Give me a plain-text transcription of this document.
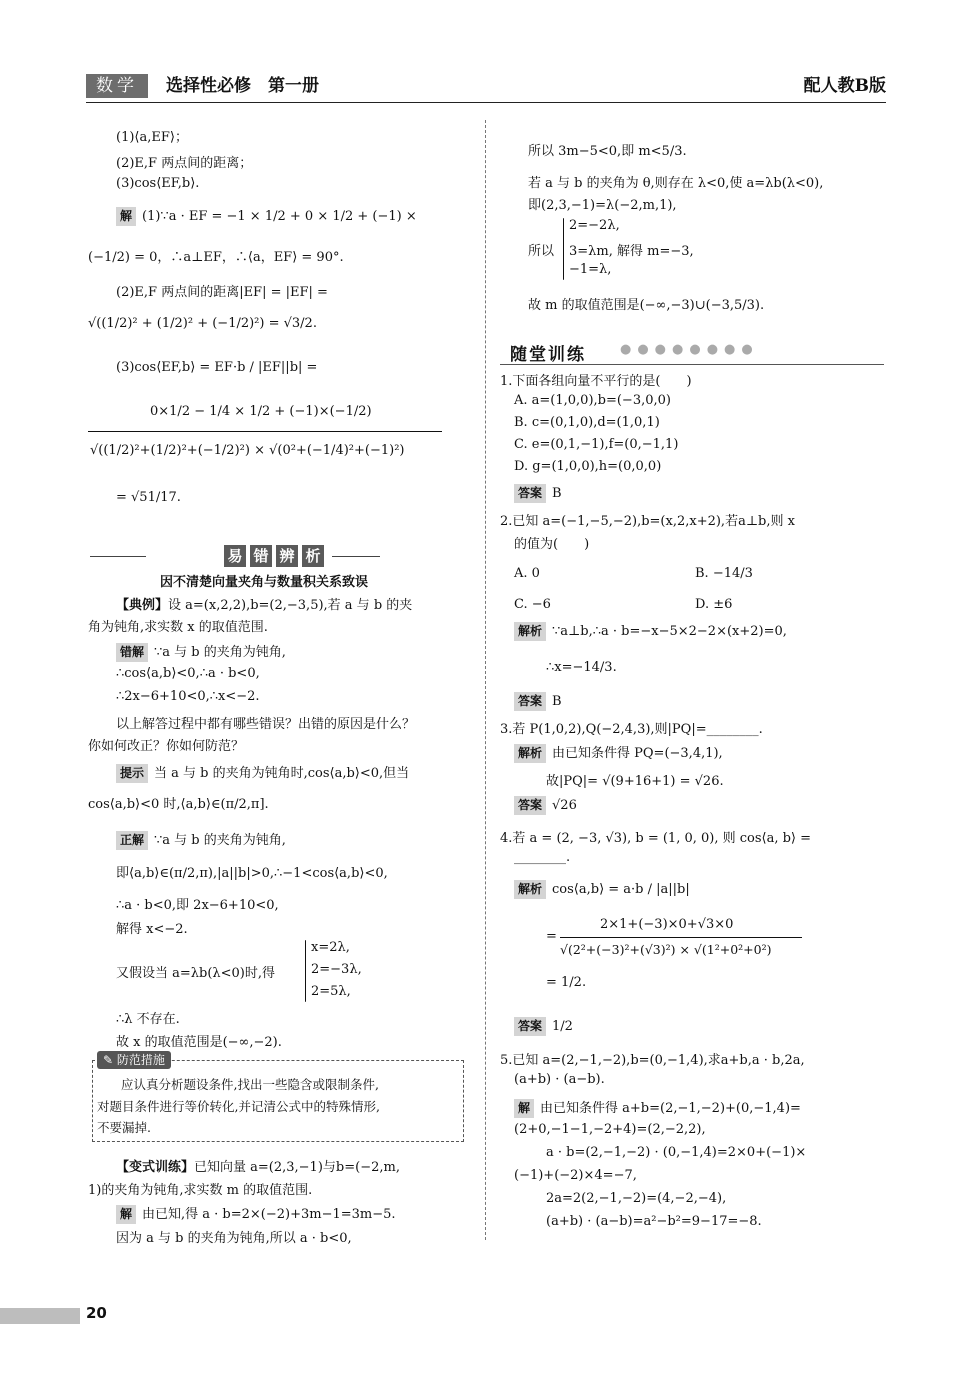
数学	选择性必修　第一册	配人教B版
(1)⟨a,EF⟩；
(2)E,F 两点间的距离；
(3)cos⟨EF,b⟩.
解 (1)∵a · EF = −1 × 1/2 + 0 × 1/2 + (−1) ×
(−1/2) = 0，∴a⊥EF，∴⟨a，EF⟩ = 90°.
(2)E,F 两点间的距离|EF| = |EF| =
√((1/2)² + (1/2)² + (−1/2)²) = √3/2.
(3)cos⟨EF,b⟩ = EF·b / |EF||b| =
0×1/2 − 1/4 × 1/2 + (−1)×(−1/2)
√((1/2)²+(1/2)²+(−1/2)²) × √(0²+(−1/4)²+(−1)²)
= √51/17.
易 错 辨 析
因不清楚向量夹角与数量积关系致误
【典例】设 a=(x,2,2),b=(2,−3,5),若 a 与 b 的夹
角为钝角,求实数 x 的取值范围.
错解 ∵a 与 b 的夹角为钝角,
∴cos⟨a,b⟩<0,∴a · b<0,
∴2x−6+10<0,∴x<−2.
以上解答过程中都有哪些错误？出错的原因是什么？
你如何改正？你如何防范？
提示 当 a 与 b 的夹角为钝角时,cos⟨a,b⟩<0,但当
cos⟨a,b⟩<0 时,⟨a,b⟩∈(π/2,π].
正解 ∵a 与 b 的夹角为钝角,
即⟨a,b⟩∈(π/2,π),|a||b|>0,∴−1<cos⟨a,b⟩<0,
∴a · b<0,即 2x−6+10<0,
解得 x<−2.
又假设当 a=λb(λ<0)时,得
x=2λ,
2=−3λ,
2=5λ,
∴λ 不存在.
故 x 的取值范围是(−∞,−2).
✎ 防范措施
应认真分析题设条件,找出一些隐含或限制条件,
对题目条件进行等价转化,并记清公式中的特殊情形,
不要漏掉.
【变式训练】已知向量 a=(2,3,−1)与b=(−2,m,
1)的夹角为钝角,求实数 m 的取值范围.
解 由已知,得 a · b=2×(−2)+3m−1=3m−5.
因为 a 与 b 的夹角为钝角,所以 a · b<0,
所以 3m−5<0,即 m<5/3.
若 a 与 b 的夹角为 θ,则存在 λ<0,使 a=λb(λ<0),
即(2,3,−1)=λ(−2,m,1),
所以
2=−2λ,
3=λm, 解得 m=−3,
−1=λ,
故 m 的取值范围是(−∞,−3)∪(−3,5/3).
随堂训练	●●●●●●●●
1.下面各组向量不平行的是(　　)
A. a=(1,0,0),b=(−3,0,0)
B. c=(0,1,0),d=(1,0,1)
C. e=(0,1,−1),f=(0,−1,1)
D. g=(1,0,0),h=(0,0,0)
答案 B
2.已知 a=(−1,−5,−2),b=(x,2,x+2),若a⊥b,则 x
的值为(　　)
A. 0	B. −14/3
C. −6	D. ±6
解析 ∵a⊥b,∴a · b=−x−5×2−2×(x+2)=0,
∴x=−14/3.
答案 B
3.若 P(1,0,2),Q(−2,4,3),则|PQ|=________.
解析 由已知条件得 PQ=(−3,4,1),
故|PQ|= √(9+16+1) = √26.
答案 √26
4.若 a = (2, −3, √3), b = (1, 0, 0), 则 cos⟨a, b⟩ =
________.
解析 cos⟨a,b⟩ = a·b / |a||b|
2×1+(−3)×0+√3×0
=
√(2²+(−3)²+(√3)²) × √(1²+0²+0²)
= 1/2.
答案 1/2
5.已知 a=(2,−1,−2),b=(0,−1,4),求a+b,a · b,2a,
(a+b) · (a−b).
解 由已知条件得 a+b=(2,−1,−2)+(0,−1,4)=
(2+0,−1−1,−2+4)=(2,−2,2),
a · b=(2,−1,−2) · (0,−1,4)=2×0+(−1)×
(−1)+(−2)×4=−7,
2a=2(2,−1,−2)=(4,−2,−4),
(a+b) · (a−b)=a²−b²=9−17=−8.
20
